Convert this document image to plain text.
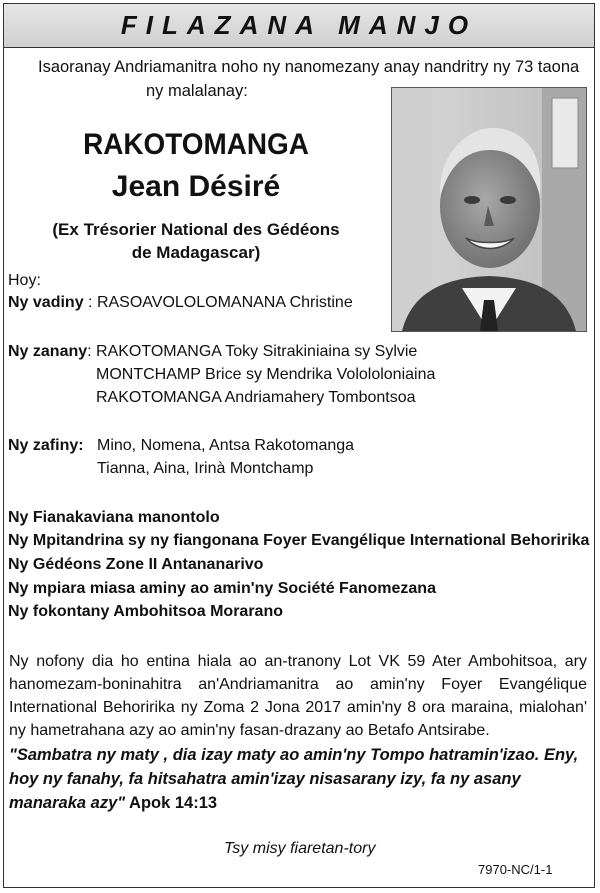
FILAZANA MANJO
Isaoranay Andriamanitra noho ny nanomezany anay nandritry ny 73 taona
ny malalanay:
RAKOTOMANGA
Jean Désiré
(Ex Trésorier National des Gédéons
de Madagascar)
Hoy:
Ny vadiny : RASOAVOLOLOMANANA Christine
Ny zanany: RAKOTOMANGA Toky Sitrakiniaina sy Sylvie
MONTCHAMP Brice sy Mendrika Volololoniaina
RAKOTOMANGA Andriamahery Tombontsoa
Ny zafiny: Mino, Nomena, Antsa Rakotomanga
Tianna, Aina, Irinà Montchamp
Ny Fianakaviana manontolo
Ny Mpitandrina sy ny fiangonana Foyer Evangélique International Behoririka
Ny Gédéons Zone II Antananarivo
Ny mpiara miasa aminy ao amin'ny Société Fanomezana
Ny fokontany Ambohitsoa Morarano
Ny nofony dia ho entina hiala ao an-tranony Lot VK 59 Ater Ambohitsoa, ary hanomezam-boninahitra an'Andriamanitra ao amin'ny Foyer Evangélique International Behoririka ny Zoma 2 Jona 2017 amin'ny 8 ora maraina, mialohan' ny hametrahana azy ao amin'ny fasan-drazany ao Betafo Antsirabe.
"Sambatra ny maty , dia izay maty ao amin'ny Tompo hatramin'izao. Eny, hoy ny fanahy, fa hitsahatra amin'izay nisasarany izy, fa ny asany manaraka azy" Apok 14:13
Tsy misy fiaretan-tory
7970-NC/1-1
